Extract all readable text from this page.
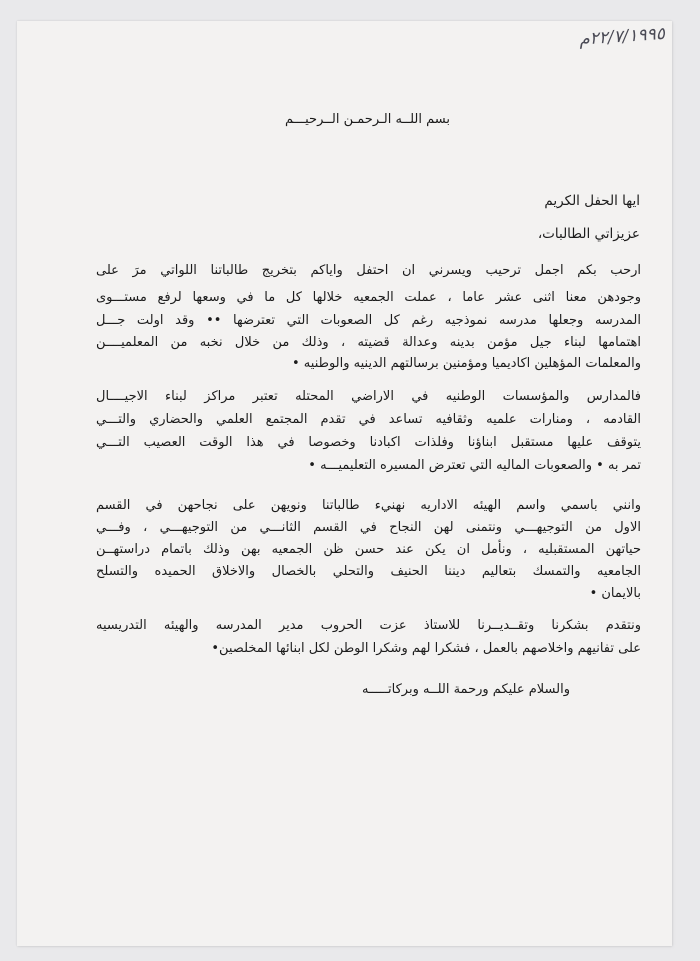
٢٢/٧/١٩٩٥م
بسم اللــه الـرحمـن الــرحيـــم
ايها الحفل الكريم
عزيزاتي الطالبات،
ارحب بكم اجمل ترحيب ويسرني ان احتفل واياكم بتخريج طالباتنا اللواتي مرَ على
وجودهن معنا اثنى عشر عاما ، عملت الجمعيه خلالها كل ما في وسعها لرفع مستـــوى
المدرسه وجعلها مدرسه نموذجيه رغم كل الصعوبات التي تعترضها •• وقد اولت جـــل
اهتمامها لبناء جيل مؤمن بدينه وعدالة قضيته ، وذلك من خلال نخبه من المعلميــــن
والمعلمات المؤهلين اكاديميا ومؤمنين برسالتهم الدينيه والوطنيه •
فالمدارس والمؤسسات الوطنيه في الاراضي المحتله تعتبر مراكز لبناء الاجيــــال
القادمه ، ومنارات علميه وثقافيه تساعد في تقدم المجتمع العلمي والحضاري والتـــي
يتوقف عليها مستقبل ابناؤنا وفلذات اكبادنا وخصوصا في هذا الوقت العصيب التـــي
تمر به • والصعوبات الماليه التي تعترض المسيره التعليميـــه •
وانني باسمي واسم الهيئه الاداريه نهنيء طالباتنا ونويهن على نجاحهن في القسم
الاول من التوجيهـــي ونتمنى لهن النجاح في القسم الثانـــي من التوجيهـــي ، وفـــي
حياتهن المستقبليه ، ونأمل ان يكن عند حسن ظن الجمعيه بهن وذلك باتمام دراستهــن
الجامعيه والتمسك بتعاليم ديننا الحنيف والتحلي بالخصال والاخلاق الحميده والتسلح
بالايمان •
ونتقدم بشكرنا وتقــديــرنا للاستاذ عزت الحروب مدير المدرسه والهيئه التدريسيه
على تفانيهم واخلاصهم بالعمل ، فشكرا لهم وشكرا الوطن لكل ابنائها المخلصين•
والسلام عليكم ورحمة اللــه وبركاتـــــه
